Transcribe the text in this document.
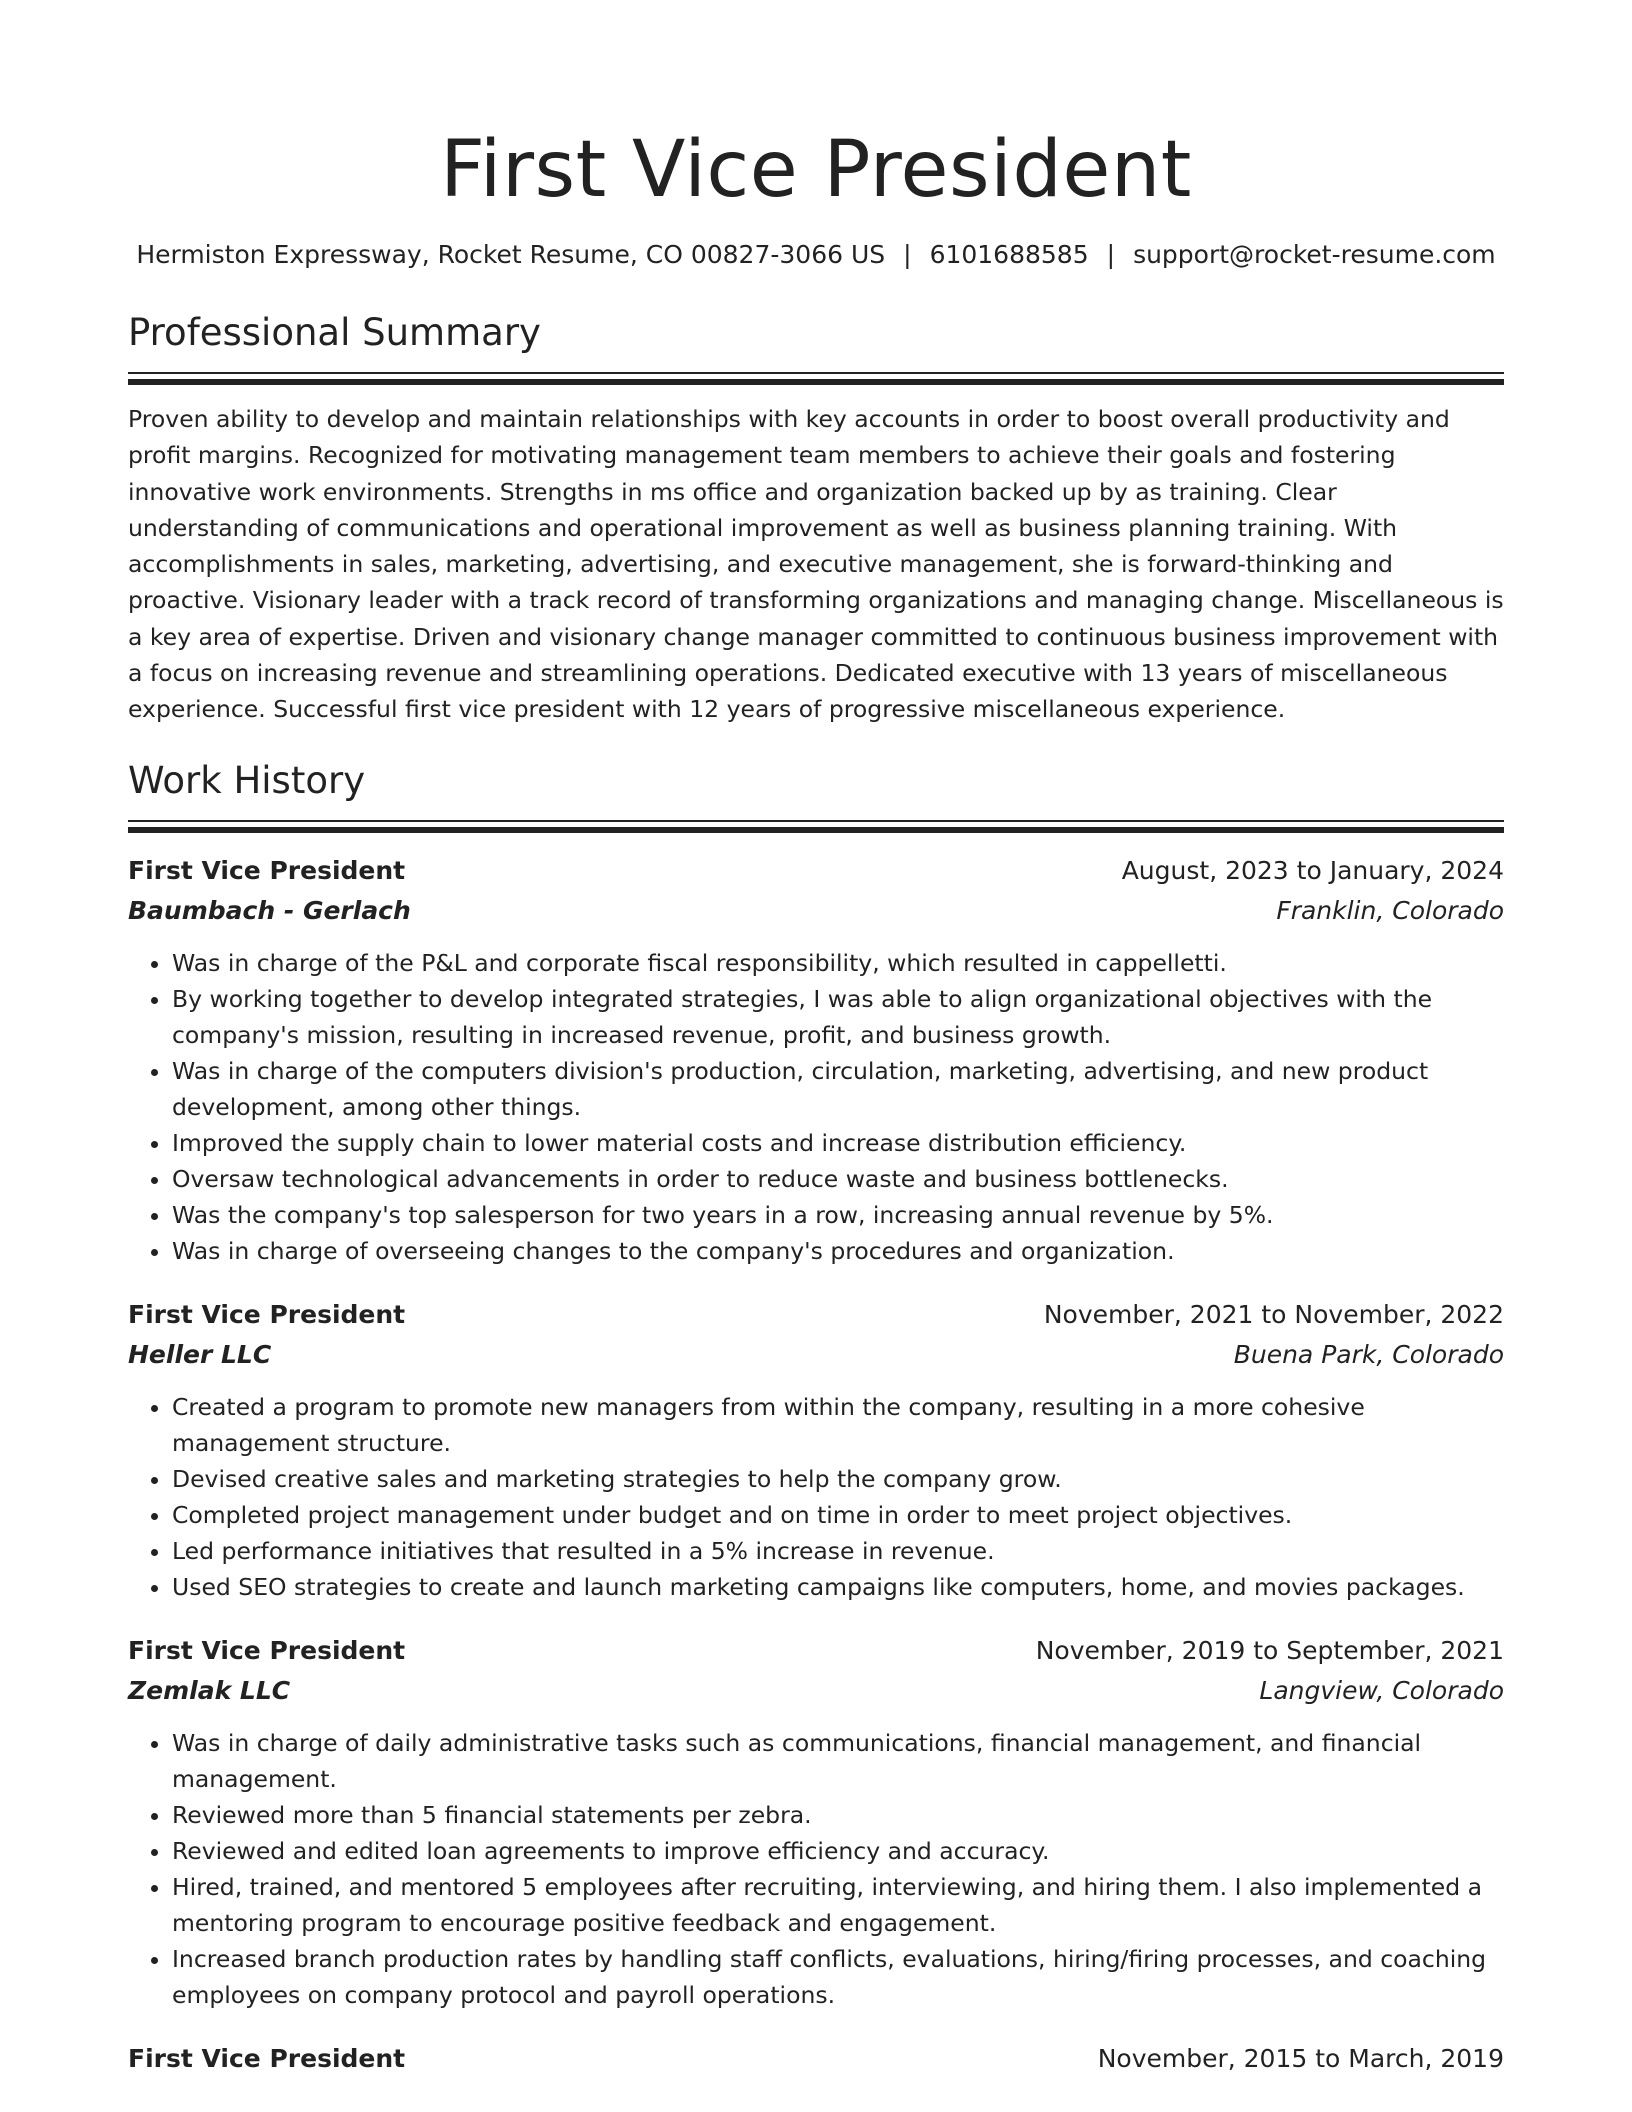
First Vice President
Hermiston Expressway, Rocket Resume, CO 00827-3066 US | 6101688585 | support@rocket-resume.com
Professional Summary

Proven ability to develop and maintain relationships with key accounts in order to boost overall productivity and profit margins. Recognized for motivating management team members to achieve their goals and fostering innovative work environments. Strengths in ms office and organization backed up by as training. Clear understanding of communications and operational improvement as well as business planning training. With accomplishments in sales, marketing, advertising, and executive management, she is forward-thinking and proactive. Visionary leader with a track record of transforming organizations and managing change. Miscellaneous is a key area of expertise. Driven and visionary change manager committed to continuous business improvement with a focus on increasing revenue and streamlining operations. Dedicated executive with 13 years of miscellaneous experience. Successful first vice president with 12 years of progressive miscellaneous experience.

Work History
First Vice President	August, 2023 to January, 2024
Baumbach - Gerlach	Franklin, Colorado
• Was in charge of the P&L and corporate fiscal responsibility, which resulted in cappelletti.
• By working together to develop integrated strategies, I was able to align organizational objectives with the company's mission, resulting in increased revenue, profit, and business growth.
• Was in charge of the computers division's production, circulation, marketing, advertising, and new product development, among other things.
• Improved the supply chain to lower material costs and increase distribution efficiency.
• Oversaw technological advancements in order to reduce waste and business bottlenecks.
• Was the company's top salesperson for two years in a row, increasing annual revenue by 5%.
• Was in charge of overseeing changes to the company's procedures and organization.
First Vice President	November, 2021 to November, 2022
Heller LLC	Buena Park, Colorado
• Created a program to promote new managers from within the company, resulting in a more cohesive management structure.
• Devised creative sales and marketing strategies to help the company grow.
• Completed project management under budget and on time in order to meet project objectives.
• Led performance initiatives that resulted in a 5% increase in revenue.
• Used SEO strategies to create and launch marketing campaigns like computers, home, and movies packages.
First Vice President	November, 2019 to September, 2021
Zemlak LLC	Langview, Colorado
• Was in charge of daily administrative tasks such as communications, financial management, and financial management.
• Reviewed more than 5 financial statements per zebra.
• Reviewed and edited loan agreements to improve efficiency and accuracy.
• Hired, trained, and mentored 5 employees after recruiting, interviewing, and hiring them. I also implemented a mentoring program to encourage positive feedback and engagement.
• Increased branch production rates by handling staff conflicts, evaluations, hiring/firing processes, and coaching employees on company protocol and payroll operations.
First Vice President	November, 2015 to March, 2019
